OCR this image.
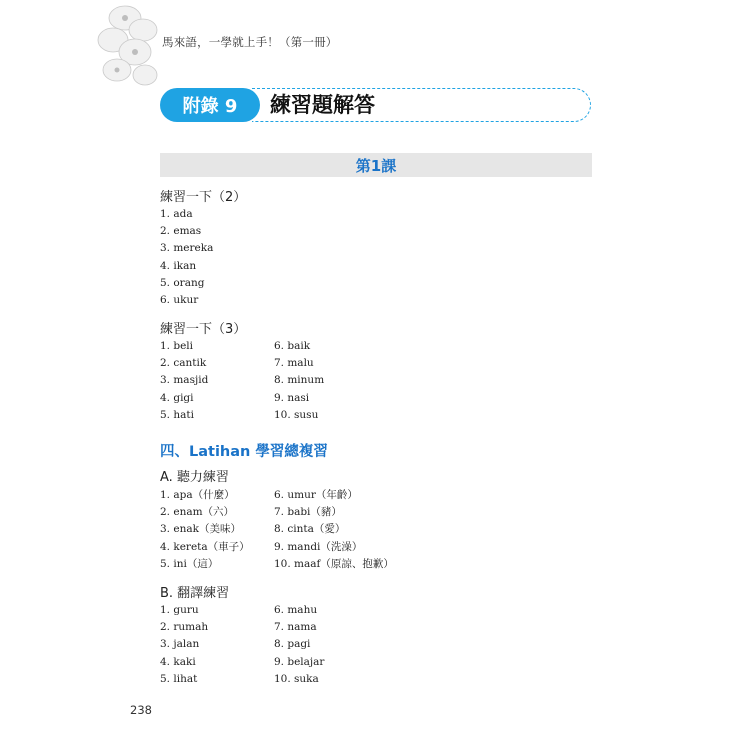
馬來語，一學就上手！（第一冊）
附錄 9	練習題解答
第1課
練習一下（2）
1. ada
2. emas
3. mereka
4. ikan
5. orang
6. ukur
練習一下（3）
1. beli
2. cantik
3. masjid
4. gigi
5. hati
6. baik
7. malu
8. minum
9. nasi
10. susu
四、Latihan 學習總複習
A. 聽力練習
1. apa（什麼）
2. enam（六）
3. enak（美味）
4. kereta（車子）
5. ini（這）
6. umur（年齡）
7. babi（豬）
8. cinta（愛）
9. mandi（洗澡）
10. maaf（原諒、抱歉）
B. 翻譯練習
1. guru
2. rumah
3. jalan
4. kaki
5. lihat
6. mahu
7. nama
8. pagi
9. belajar
10. suka
238
